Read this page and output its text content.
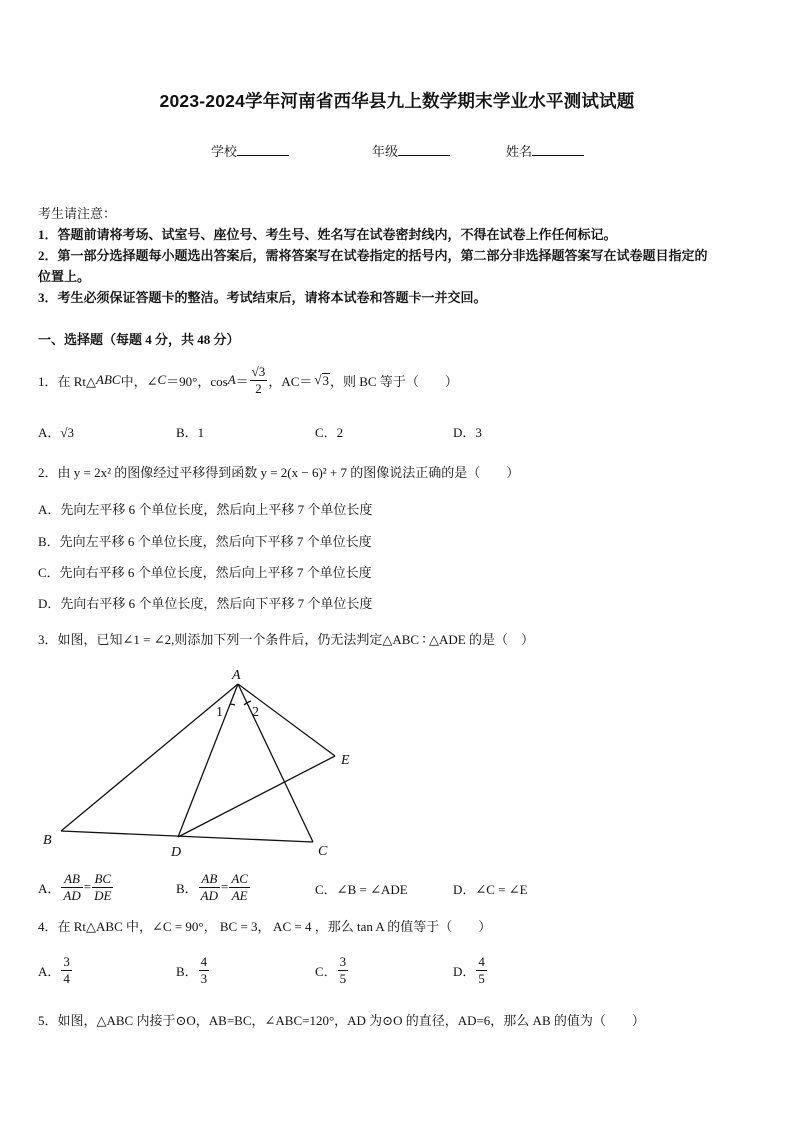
2023-2024学年河南省西华县九上数学期末学业水平测试试题
学校	年级	姓名
考生请注意：
1．答题前请将考场、试室号、座位号、考生号、姓名写在试卷密封线内，不得在试卷上作任何标记。
2．第一部分选择题每小题选出答案后，需将答案写在试卷指定的括号内，第二部分非选择题答案写在试卷题目指定的
位置上。
3．考生必须保证答题卡的整洁。考试结束后，请将本试卷和答题卡一并交回。
一、选择题（每题 4 分，共 48 分）
1．在 Rt△ ABC 中，∠ C ＝90°，$\cos A = \frac{√3}{2}$ ，AC＝ √ 3 ，则 BC 等于（　　）
A．√3	B．1	C．2	D．3
2．由 y = 2x² 的图像经过平移得到函数 y = 2(x − 6)² + 7 的图像说法正确的是（　　）
A．先向左平移 6 个单位长度，然后向上平移 7 个单位长度
B．先向左平移 6 个单位长度，然后向下平移 7 个单位长度
C．先向右平移 6 个单位长度，然后向上平移 7 个单位长度
D．先向右平移 6 个单位长度，然后向下平移 7 个单位长度
3．如图，已知∠1 = ∠2,则添加下列一个条件后，仍无法判定△ABC ∶ △ADE 的是（　）
A
B
C
D
E
1 2
A． $\frac{AB}{AD} = \frac{BC}{DE}$	B． $\frac{AB}{AD} = \frac{AC}{AE}$	C．∠B = ∠ADE	D．∠C = ∠E
4．在 Rt△ABC 中，∠C = 90°， BC = 3， AC = 4 ，那么 tan A 的值等于（　　）
A． $\frac{3}{4}$	B． $\frac{4}{3}$	C． $\frac{3}{5}$	D． $\frac{4}{5}$
5．如图，△ABC 内接于⊙O，AB=BC，∠ABC=120°，AD 为⊙O 的直径，AD=6，那么 AB 的值为（　　）
